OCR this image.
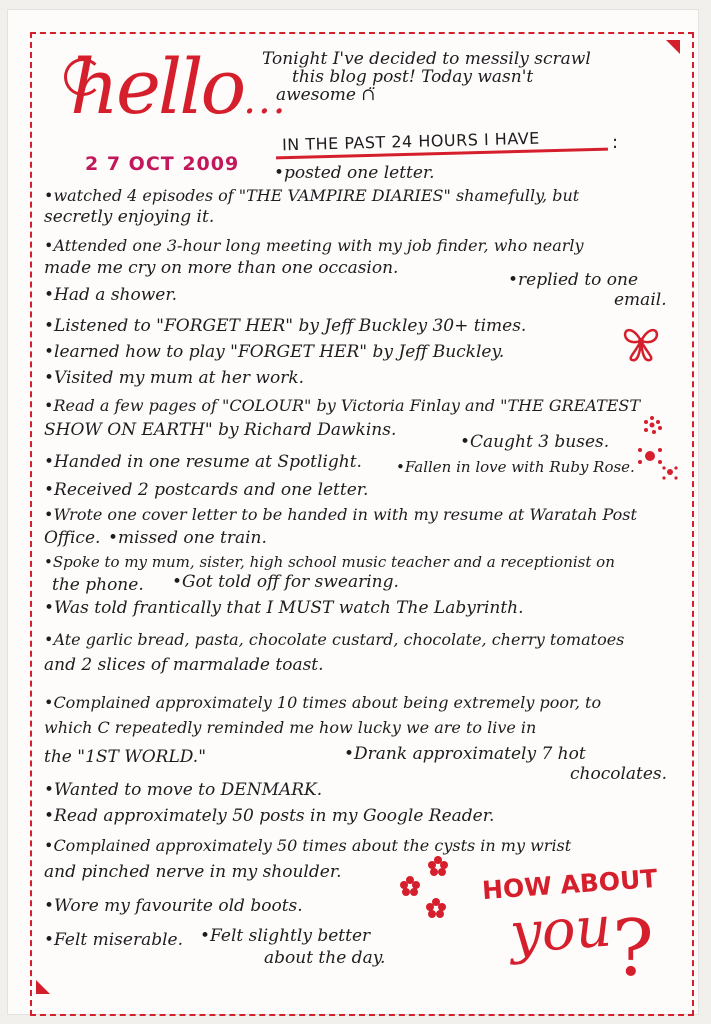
hello...
2 7 OCT 2009
Tonight I've decided to messily scrawl
this blog post! Today wasn't
awesome ∩̈
IN THE PAST 24 HOURS I HAVE	:
•posted one letter.
•watched 4 episodes of "THE VAMPIRE DIARIES" shamefully, but
secretly enjoying it.
•Attended one 3-hour long meeting with my job finder, who nearly
made me cry on more than one occasion.
•replied to one
email.
•Had a shower.
•Listened to "FORGET HER" by Jeff Buckley 30+ times.
•learned how to play "FORGET HER" by Jeff Buckley.
•Visited my mum at her work.
•Read a few pages of "COLOUR" by Victoria Finlay and "THE GREATEST
SHOW ON EARTH" by Richard Dawkins.
•Caught 3 buses.
•Handed in one resume at Spotlight. •Fallen in love with Ruby Rose.
•Received 2 postcards and one letter.
•Wrote one cover letter to be handed in with my resume at Waratah Post
Office. •missed one train.
•Spoke to my mum, sister, high school music teacher and a receptionist on
the phone. •Got told off for swearing.
•Was told frantically that I MUST watch The Labyrinth.
•Ate garlic bread, pasta, chocolate custard, chocolate, cherry tomatoes
and 2 slices of marmalade toast.
•Complained approximately 10 times about being extremely poor, to
which C repeatedly reminded me how lucky we are to live in
the "1ST WORLD."	•Drank approximately 7 hot
chocolates.
•Wanted to move to DENMARK.
•Read approximately 50 posts in my Google Reader.
•Complained approximately 50 times about the cysts in my wrist
and pinched nerve in my shoulder.
•Wore my favourite old boots.
•Felt miserable. •Felt slightly better
about the day.
HOW ABOUT
you
?
